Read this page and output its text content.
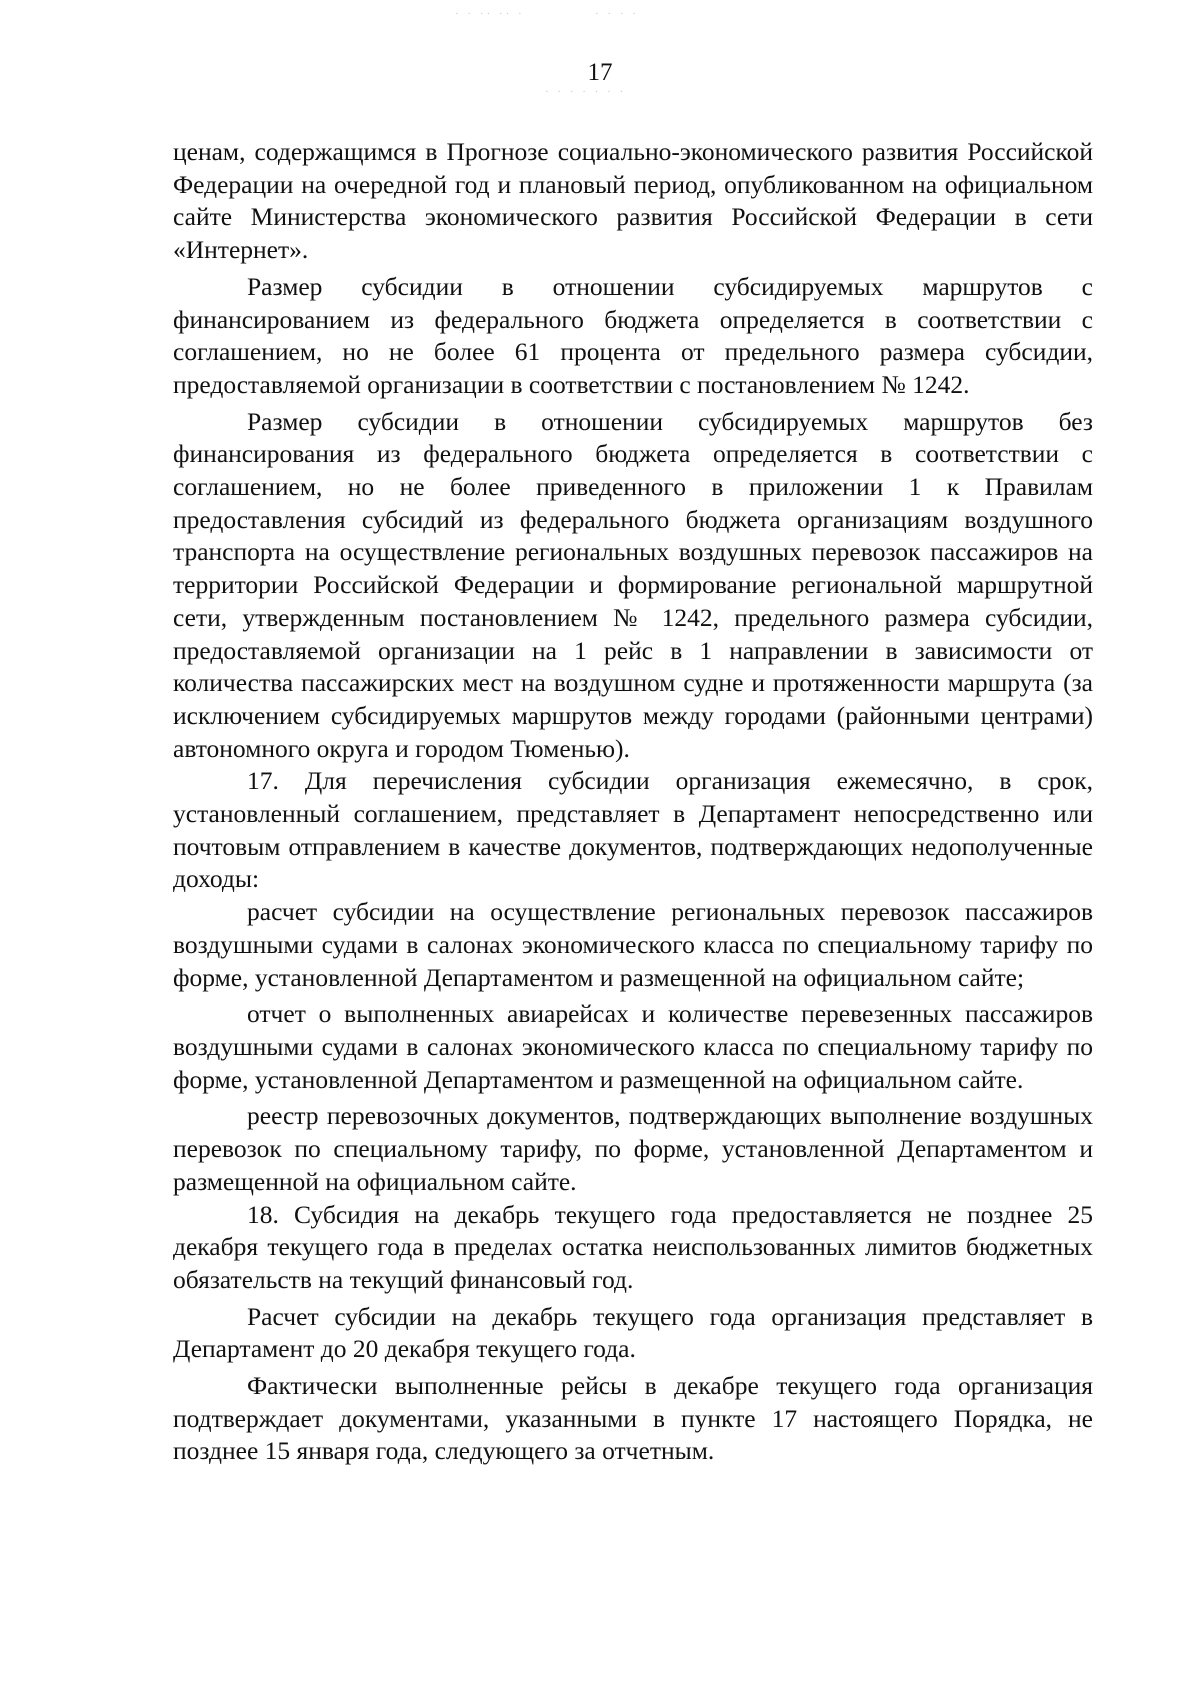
· · ·· ·· ·	· · · ·
· · · · · · ·
17

ценам, содержащимся в Прогнозе социально-экономического развития Российской Федерации на очередной год и плановый период, опубликованном на официальном сайте Министерства экономического развития Российской Федерации в сети «Интернет».

Размер субсидии в отношении субсидируемых маршрутов с финансированием из федерального бюджета определяется в соответствии с соглашением, но не более 61 процента от предельного размера субсидии, предоставляемой организации в соответствии с постановлением № 1242.

Размер субсидии в отношении субсидируемых маршрутов без финансирования из федерального бюджета определяется в соответствии с соглашением, но не более приведенного в приложении 1 к Правилам предоставления субсидий из федерального бюджета организациям воздушного транспорта на осуществление региональных воздушных перевозок пассажиров на территории Российской Федерации и формирование региональной маршрутной сети, утвержденным постановлением № 1242, предельного размера субсидии, предоставляемой организации на 1 рейс в 1 направлении в зависимости от количества пассажирских мест на воздушном судне и протяженности маршрута (за исключением субсидируемых маршрутов между городами (районными центрами) автономного округа и городом Тюменью).

17. Для перечисления субсидии организация ежемесячно, в срок, установленный соглашением, представляет в Департамент непосредственно или почтовым отправлением в качестве документов, подтверждающих недополученные доходы:

расчет субсидии на осуществление региональных перевозок пассажиров воздушными судами в салонах экономического класса по специальному тарифу по форме, установленной Департаментом и размещенной на официальном сайте;

отчет о выполненных авиарейсах и количестве перевезенных пассажиров воздушными судами в салонах экономического класса по специальному тарифу по форме, установленной Департаментом и размещенной на официальном сайте.

реестр перевозочных документов, подтверждающих выполнение воздушных перевозок по специальному тарифу, по форме, установленной Департаментом и размещенной на официальном сайте.

18. Субсидия на декабрь текущего года предоставляется не позднее 25 декабря текущего года в пределах остатка неиспользованных лимитов бюджетных обязательств на текущий финансовый год.

Расчет субсидии на декабрь текущего года организация представляет в Департамент до 20 декабря текущего года.

Фактически выполненные рейсы в декабре текущего года организация подтверждает документами, указанными в пункте 17 настоящего Порядка, не позднее 15 января года, следующего за отчетным.
